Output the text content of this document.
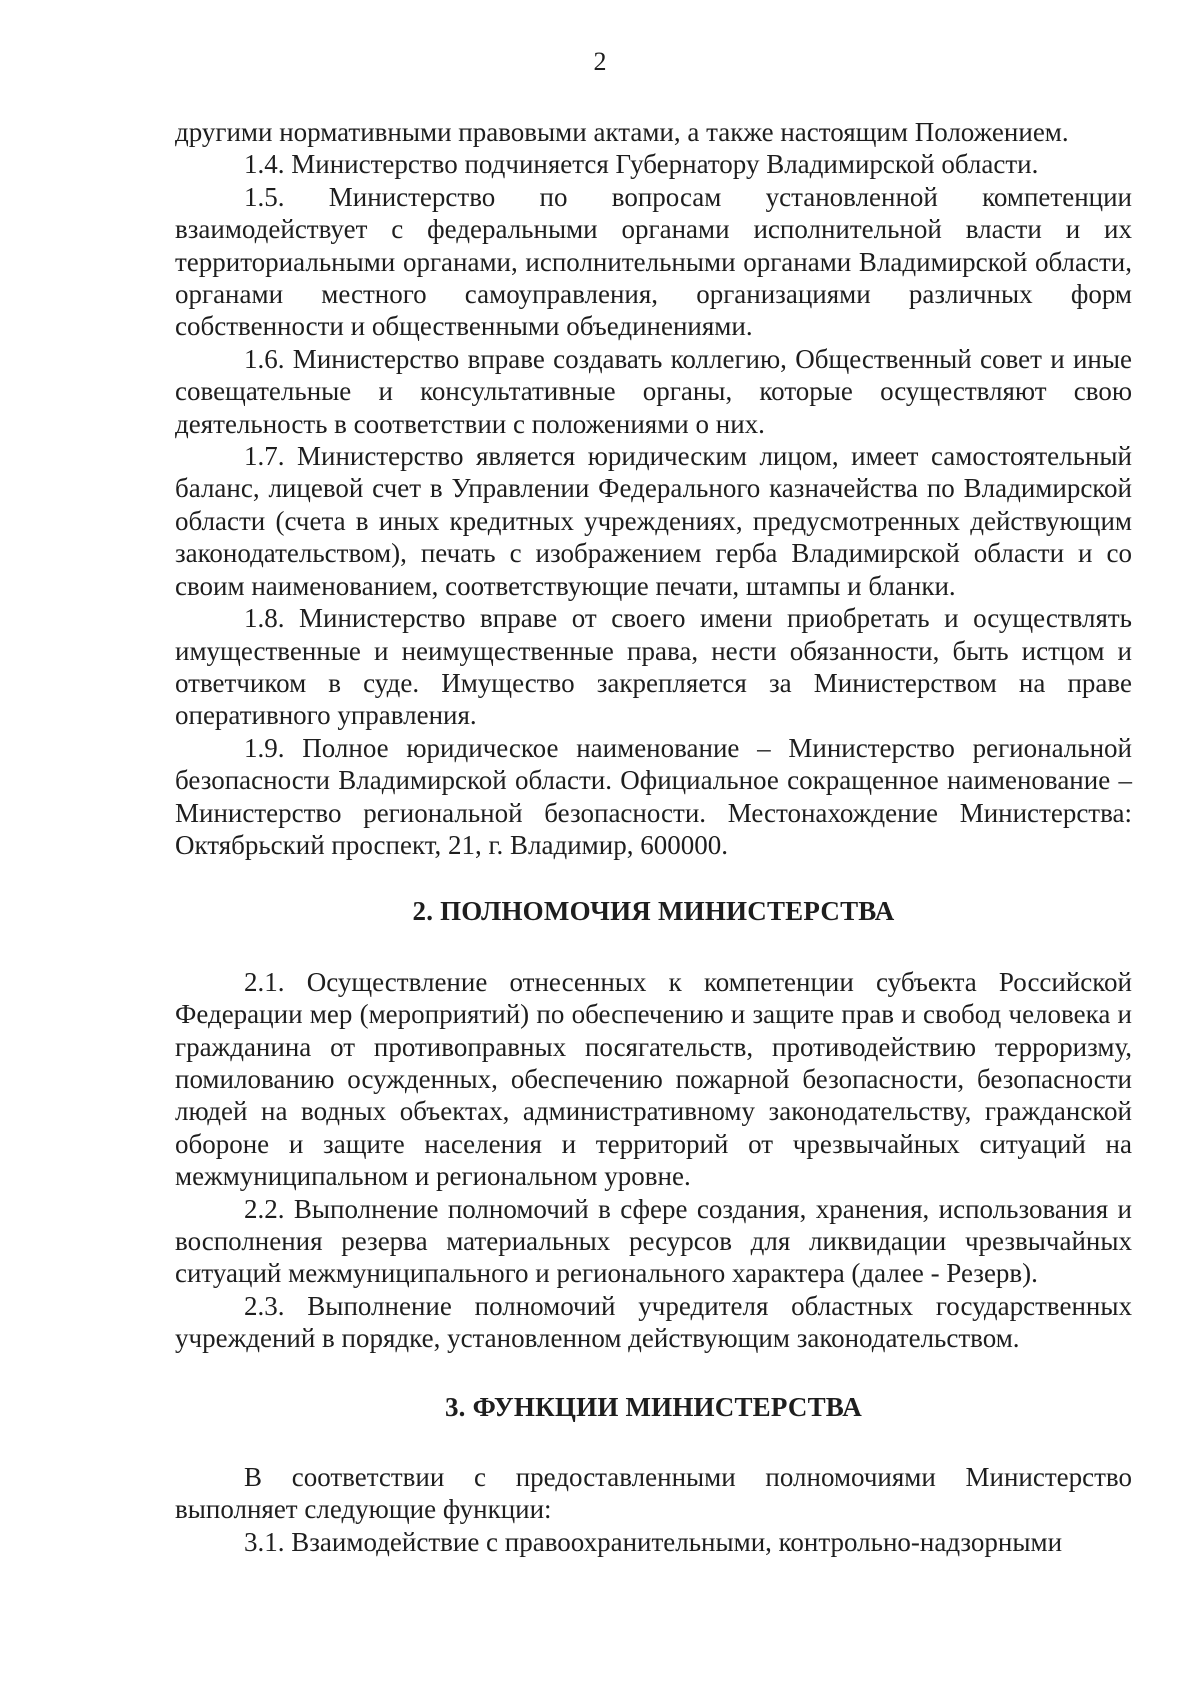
2

другими нормативными правовыми актами, а также настоящим Положением.

1.4. Министерство подчиняется Губернатору Владимирской области.

1.5. Министерство по вопросам установленной компетенции взаимодействует с федеральными органами исполнительной власти и их территориальными органами, исполнительными органами Владимирской области, органами местного самоуправления, организациями различных форм собственности и общественными объединениями.

1.6. Министерство вправе создавать коллегию, Общественный совет и иные совещательные и консультативные органы, которые осуществляют свою деятельность в соответствии с положениями о них.

1.7. Министерство является юридическим лицом, имеет самостоятельный баланс, лицевой счет в Управлении Федерального казначейства по Владимирской области (счета в иных кредитных учреждениях, предусмотренных действующим законодательством), печать с изображением герба Владимирской области и со своим наименованием, соответствующие печати, штампы и бланки.

1.8. Министерство вправе от своего имени приобретать и осуществлять имущественные и неимущественные права, нести обязанности, быть истцом и ответчиком в суде. Имущество закрепляется за Министерством на праве оперативного управления.

1.9. Полное юридическое наименование – Министерство региональной безопасности Владимирской области. Официальное сокращенное наименование – Министерство региональной безопасности. Местонахождение Министерства: Октябрьский проспект, 21, г. Владимир, 600000.

2. ПОЛНОМОЧИЯ МИНИСТЕРСТВА

2.1. Осуществление отнесенных к компетенции субъекта Российской Федерации мер (мероприятий) по обеспечению и защите прав и свобод человека и гражданина от противоправных посягательств, противодействию терроризму, помилованию осужденных, обеспечению пожарной безопасности, безопасности людей на водных объектах, административному законодательству, гражданской обороне и защите населения и территорий от чрезвычайных ситуаций на межмуниципальном и региональном уровне.

2.2. Выполнение полномочий в сфере создания, хранения, использования и восполнения резерва материальных ресурсов для ликвидации чрезвычайных ситуаций межмуниципального и регионального характера (далее - Резерв).

2.3. Выполнение полномочий учредителя областных государственных учреждений в порядке, установленном действующим законодательством.

3. ФУНКЦИИ МИНИСТЕРСТВА

В соответствии с предоставленными полномочиями Министерство выполняет следующие функции:

3.1. Взаимодействие с правоохранительными, контрольно-надзорными
